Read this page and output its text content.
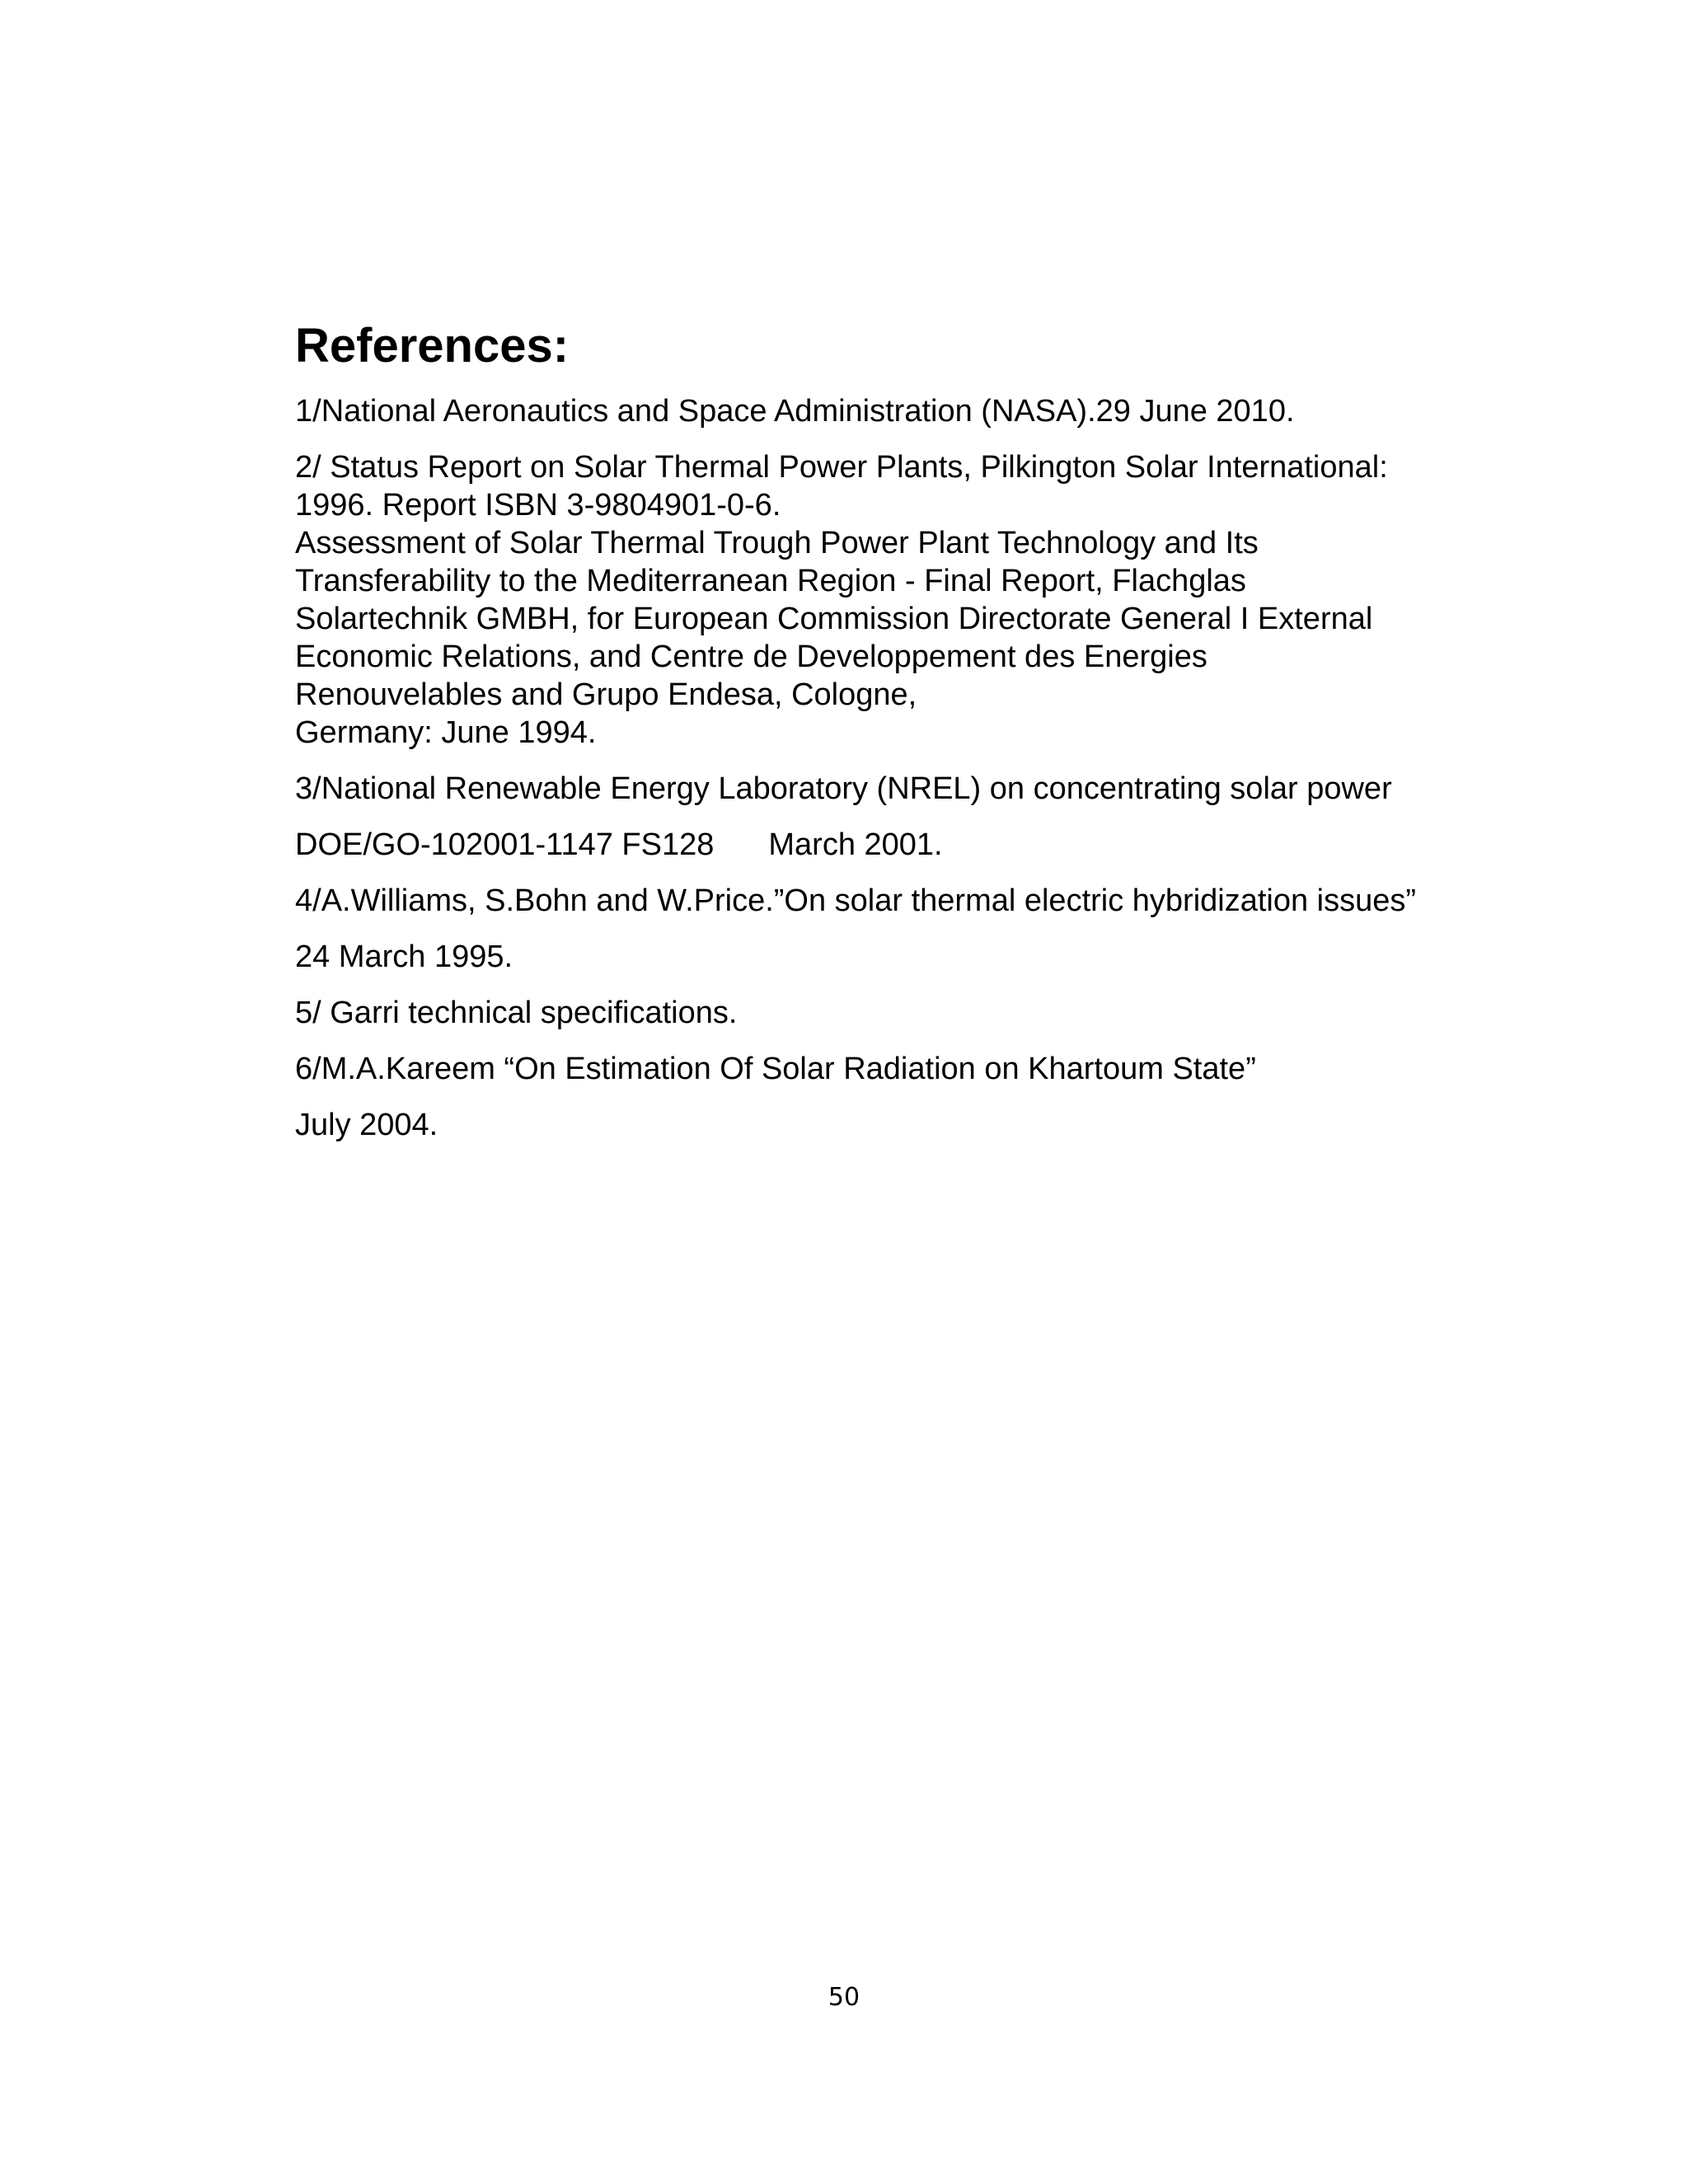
References:
1/National Aeronautics and Space Administration (NASA).29 June 2010.
2/ Status Report on Solar Thermal Power Plants, Pilkington Solar International:
1996. Report ISBN 3-9804901-0-6.
Assessment of Solar Thermal Trough Power Plant Technology and Its
Transferability to the Mediterranean Region - Final Report, Flachglas
Solartechnik GMBH, for European Commission Directorate General I External
Economic Relations, and Centre de Developpement des Energies
Renouvelables and Grupo Endesa, Cologne,
Germany: June 1994.
3/National Renewable Energy Laboratory (NREL) on concentrating solar power
DOE/GO-102001-1147 FS128 March 2001.
4/A.Williams, S.Bohn and W.Price.”On solar thermal electric hybridization issues”
24 March 1995.
5/ Garri technical specifications.
6/M.A.Kareem “On Estimation Of Solar Radiation on Khartoum State”
July 2004.
50
